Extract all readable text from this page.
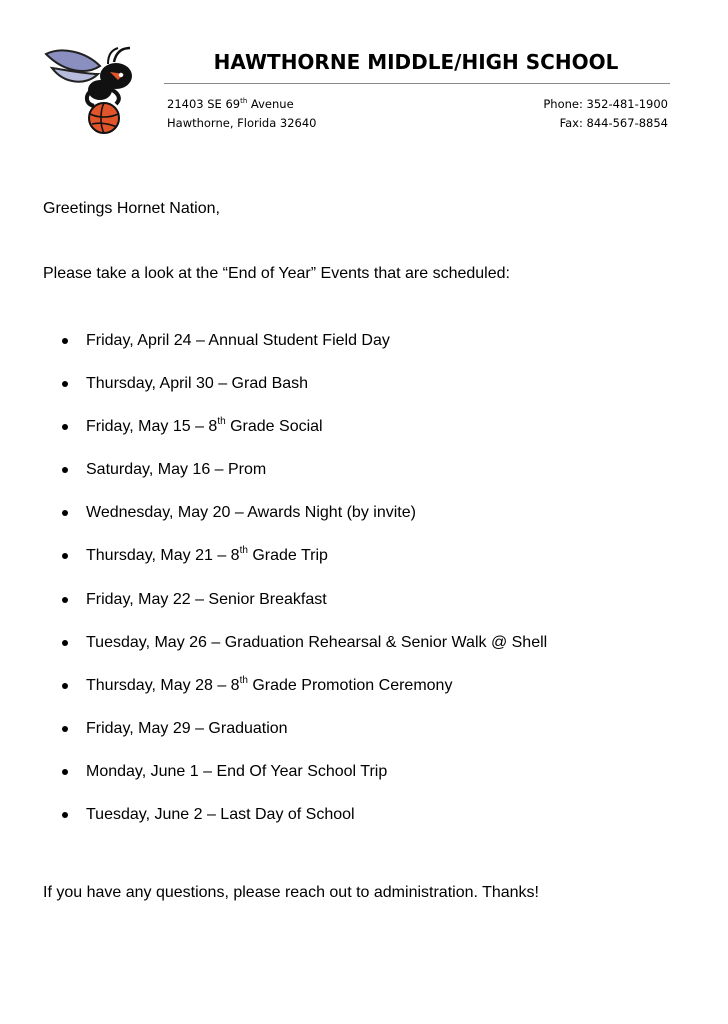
HAWTHORNE MIDDLE/HIGH SCHOOL
21403 SE 69th Avenue
Hawthorne, Florida 32640
Phone: 352-481-1900
Fax: 844-567-8854
Greetings Hornet Nation,
Please take a look at the “End of Year” Events that are scheduled:
Friday, April 24 – Annual Student Field Day
Thursday, April 30 – Grad Bash
Friday, May 15 – 8th Grade Social
Saturday, May 16 – Prom
Wednesday, May 20 – Awards Night (by invite)
Thursday, May 21 – 8th Grade Trip
Friday, May 22 – Senior Breakfast
Tuesday, May 26 – Graduation Rehearsal & Senior Walk @ Shell
Thursday, May 28 – 8th Grade Promotion Ceremony
Friday, May 29 – Graduation
Monday, June 1 – End Of Year School Trip
Tuesday, June 2 – Last Day of School
If you have any questions, please reach out to administration. Thanks!
